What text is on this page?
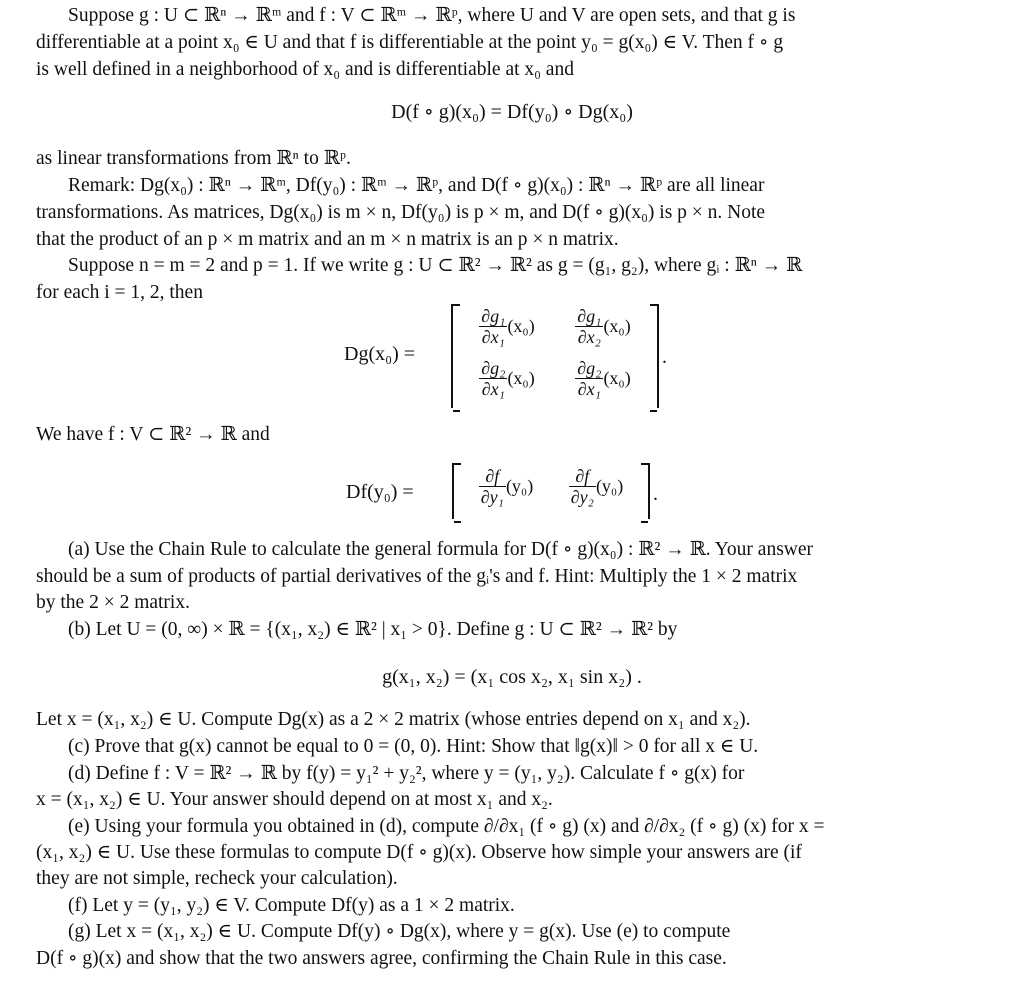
Suppose g : U ⊂ ℝⁿ → ℝᵐ and f : V ⊂ ℝᵐ → ℝᵖ, where U and V are open sets, and that g is
differentiable at a point x₀ ∈ U and that f is differentiable at the point y₀ = g(x₀) ∈ V. Then f ∘ g
is well defined in a neighborhood of x₀ and is differentiable at x₀ and
D(f ∘ g)(x₀) = Df(y₀) ∘ Dg(x₀)
as linear transformations from ℝⁿ to ℝᵖ.
Remark: Dg(x₀) : ℝⁿ → ℝᵐ, Df(y₀) : ℝᵐ → ℝᵖ, and D(f ∘ g)(x₀) : ℝⁿ → ℝᵖ are all linear
transformations. As matrices, Dg(x₀) is m × n, Df(y₀) is p × m, and D(f ∘ g)(x₀) is p × n. Note
that the product of an p × m matrix and an m × n matrix is an p × n matrix.
Suppose n = m = 2 and p = 1. If we write g : U ⊂ ℝ² → ℝ² as g = (g₁, g₂), where gᵢ : ℝⁿ → ℝ
for each i = 1, 2, then
Dg(x₀) =
$\frac{\text{∂g₁}}{\text{∂x₁}} (x_0)$	$\frac{\text{∂g₁}}{\text{∂x₂}} (x_0)$
$\frac{\text{∂g₂}}{\text{∂x₁}} (x_0)$	$\frac{\text{∂g₂}}{\text{∂x₁}} (x_0)$
.
We have f : V ⊂ ℝ² → ℝ and
Df(y₀) =	$\frac{\partial f}{\text{∂y₁}} (y_0)$	$\frac{\partial f}{\text{∂y₂}} (y_0)$	.
(a) Use the Chain Rule to calculate the general formula for D(f ∘ g)(x₀) : ℝ² → ℝ. Your answer
should be a sum of products of partial derivatives of the gᵢ's and f. Hint: Multiply the 1 × 2 matrix
by the 2 × 2 matrix.
(b) Let U = (0, ∞) × ℝ = {(x₁, x₂) ∈ ℝ² | x₁ > 0}. Define g : U ⊂ ℝ² → ℝ² by
g(x₁, x₂) = (x₁ cos x₂, x₁ sin x₂) .
Let x = (x₁, x₂) ∈ U. Compute Dg(x) as a 2 × 2 matrix (whose entries depend on x₁ and x₂).
(c) Prove that g(x) cannot be equal to 0 = (0, 0). Hint: Show that ‖g(x)‖ > 0 for all x ∈ U.
(d) Define f : V = ℝ² → ℝ by f(y) = y₁² + y₂², where y = (y₁, y₂). Calculate f ∘ g(x) for
x = (x₁, x₂) ∈ U. Your answer should depend on at most x₁ and x₂.
(e) Using your formula you obtained in (d), compute ∂/∂x₁ (f ∘ g) (x) and ∂/∂x₂ (f ∘ g) (x) for x =
(x₁, x₂) ∈ U. Use these formulas to compute D(f ∘ g)(x). Observe how simple your answers are (if
they are not simple, recheck your calculation).
(f) Let y = (y₁, y₂) ∈ V. Compute Df(y) as a 1 × 2 matrix.
(g) Let x = (x₁, x₂) ∈ U. Compute Df(y) ∘ Dg(x), where y = g(x). Use (e) to compute
D(f ∘ g)(x) and show that the two answers agree, confirming the Chain Rule in this case.
